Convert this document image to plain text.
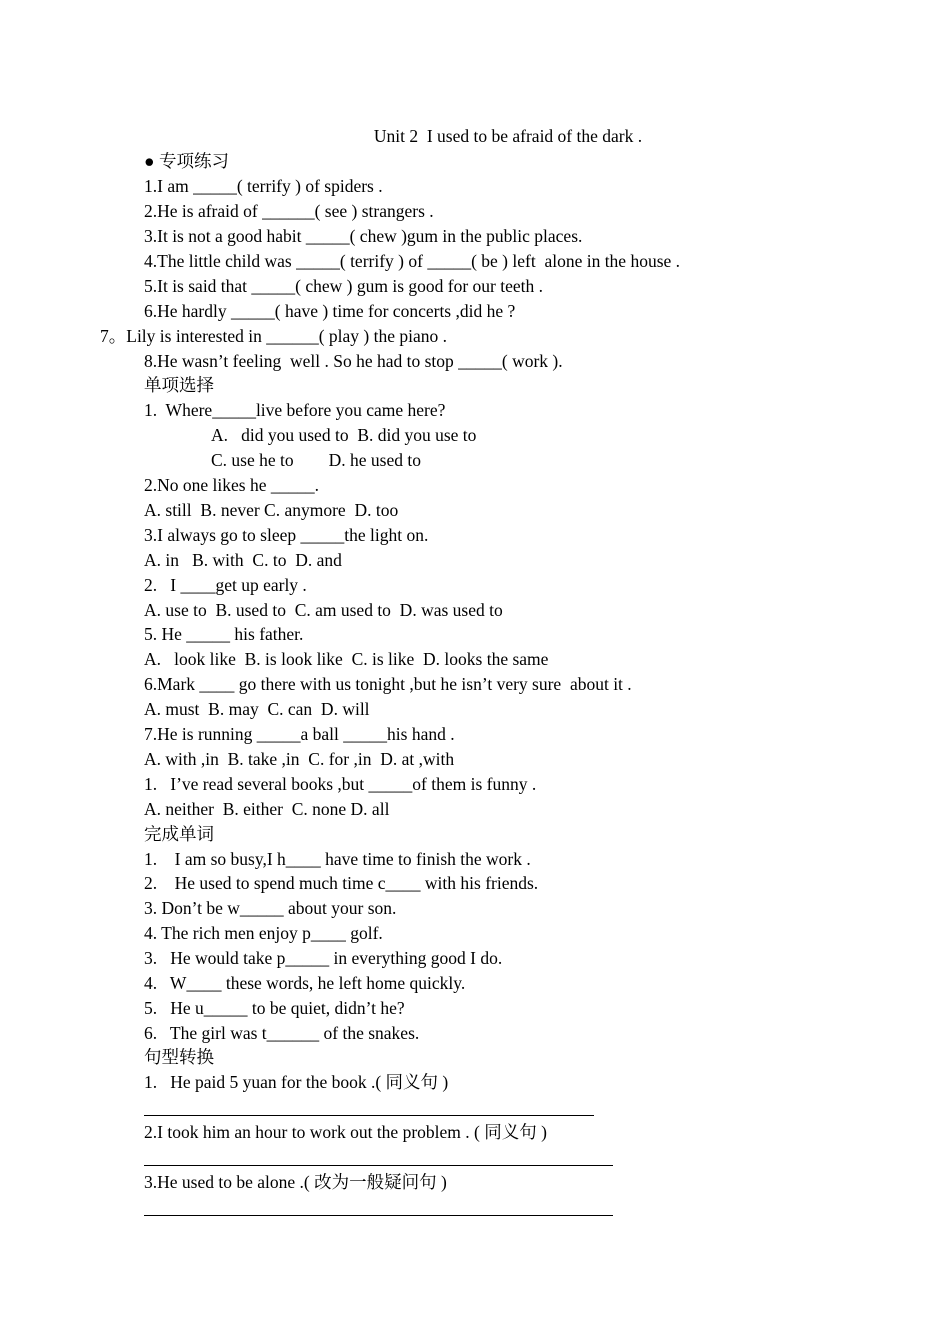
Unit 2  I used to be afraid of the dark .
● 专项练习
1.I am _____( terrify ) of spiders .
2.He is afraid of ______( see ) strangers .
3.It is not a good habit _____( chew )gum in the public places.
4.The little child was _____( terrify ) of _____( be ) left  alone in the house .
5.It is said that _____( chew ) gum is good for our teeth .
6.He hardly _____( have ) time for concerts ,did he ?
7。Lily is interested in ______( play ) the piano .
8.He wasn’t feeling  well . So he had to stop _____( work ).
单项选择
1.  Where_____live before you came here?
A.   did you used to  B. did you use to
C. use he to        D. he used to
2.No one likes he _____.
A. still  B. never C. anymore  D. too
3.I always go to sleep _____the light on.
A. in   B. with  C. to  D. and
2.   I ____get up early .
A. use to  B. used to  C. am used to  D. was used to
5. He _____ his father.
A.   look like  B. is look like  C. is like  D. looks the same
6.Mark ____ go there with us tonight ,but he isn’t very sure  about it .
A. must  B. may  C. can  D. will
7.He is running _____a ball _____his hand .
A. with ,in  B. take ,in  C. for ,in  D. at ,with
1.   I’ve read several books ,but _____of them is funny .
A. neither  B. either  C. none D. all
完成单词
1.    I am so busy,I h____ have time to finish the work .
2.    He used to spend much time c____ with his friends.
3. Don’t be w_____ about your son.
4. The rich men enjoy p____ golf.
3.   He would take p_____ in everything good I do.
4.   W____ these words, he left home quickly.
5.   He u_____ to be quiet, didn’t he?
6.   The girl was t______ of the snakes.
句型转换
1.   He paid 5 yuan for the book .( 同义句 )
2.I took him an hour to work out the problem . ( 同义句 )
3.He used to be alone .( 改为一般疑问句 )
